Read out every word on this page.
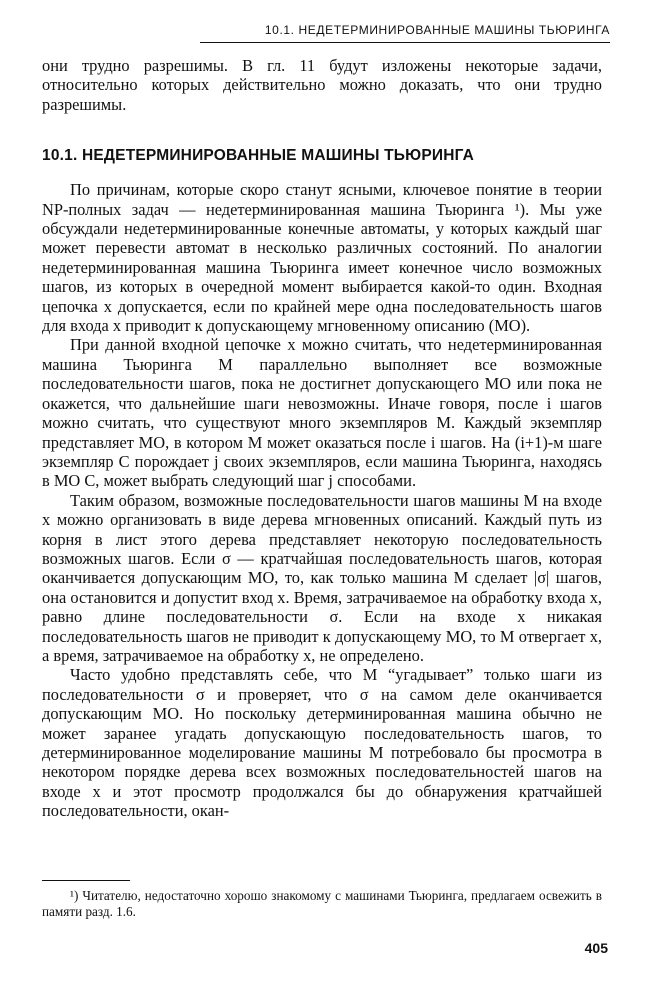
10.1. НЕДЕТЕРМИНИРОВАННЫЕ МАШИНЫ ТЬЮРИНГА

они трудно разрешимы. В гл. 11 будут изложены некоторые задачи, относительно которых действительно можно доказать, что они трудно разрешимы.

10.1. НЕДЕТЕРМИНИРОВАННЫЕ МАШИНЫ ТЬЮРИНГА

По причинам, которые скоро станут ясными, ключевое понятие в теории NP-полных задач — недетерминированная машина Тьюринга ¹). Мы уже обсуждали недетерминированные конечные автоматы, у которых каждый шаг может перевести автомат в несколько различных состояний. По аналогии недетерминированная машина Тьюринга имеет конечное число возможных шагов, из которых в очередной момент выбирается какой-то один. Входная цепочка x допускается, если по крайней мере одна последовательность шагов для входа x приводит к допускающему мгновенному описанию (МО).

При данной входной цепочке x можно считать, что недетерминированная машина Тьюринга M параллельно выполняет все возможные последовательности шагов, пока не достигнет допускающего МО или пока не окажется, что дальнейшие шаги невозможны. Иначе говоря, после i шагов можно считать, что существуют много экземпляров M. Каждый экземпляр представляет МО, в котором M может оказаться после i шагов. На (i+1)-м шаге экземпляр C порождает j своих экземпляров, если машина Тьюринга, находясь в МО C, может выбрать следующий шаг j способами.

Таким образом, возможные последовательности шагов машины M на входе x можно организовать в виде дерева мгновенных описаний. Каждый путь из корня в лист этого дерева представляет некоторую последовательность возможных шагов. Если σ — кратчайшая последовательность шагов, которая оканчивается допускающим МО, то, как только машина M сделает |σ| шагов, она остановится и допустит вход x. Время, затрачиваемое на обработку входа x, равно длине последовательности σ. Если на входе x никакая последовательность шагов не приводит к допускающему МО, то M отвергает x, а время, затрачиваемое на обработку x, не определено.

Часто удобно представлять себе, что M “угадывает” только шаги из последовательности σ и проверяет, что σ на самом деле оканчивается допускающим МО. Но поскольку детерминированная машина обычно не может заранее угадать допускающую последовательность шагов, то детерминированное моделирование машины M потребовало бы просмотра в некотором порядке дерева всех возможных последовательностей шагов на входе x и этот просмотр продолжался бы до обнаружения кратчайшей последовательности, окан-

¹) Читателю, недостаточно хорошо знакомому с машинами Тьюринга, предлагаем освежить в памяти разд. 1.6.
405
